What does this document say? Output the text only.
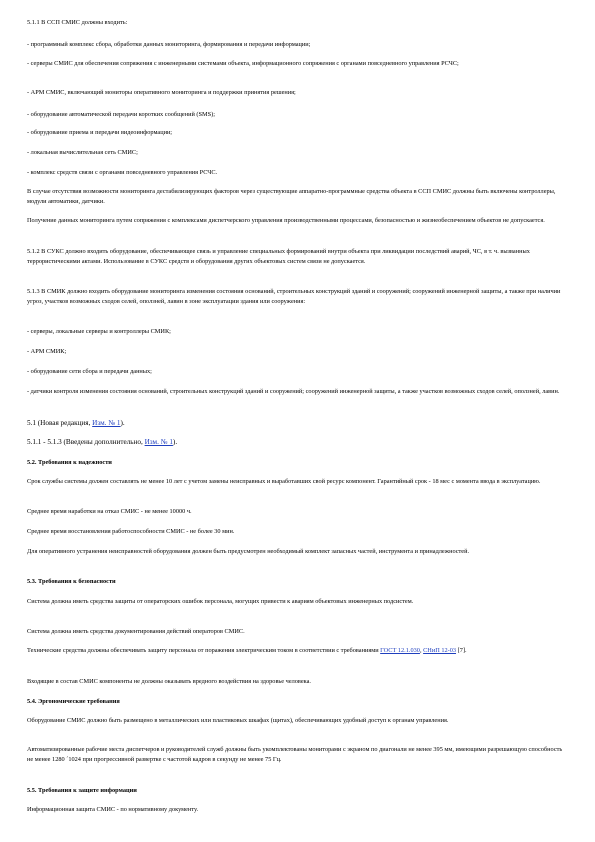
5.1.1 В ССП СМИС должны входить:

- программный комплекс сбора, обработки данных мониторинга, формирования и передачи информации;

- серверы СМИС для обеспечения сопряжения с инженерными системами объекта, информационного сопряжения с органами повседневного управления РСЧС;

- АРМ СМИС, включающий мониторы оперативного мониторинга и поддержки принятия решения;

- оборудование автоматической передачи коротких сообщений (SMS);

- оборудование приема и передачи видеоинформации;

- локальная вычислительная сеть СМИС;

- комплекс средств связи с органами повседневного управления РСЧС.

В случае отсутствия возможности мониторинга дестабилизирующих факторов через существующие аппаратно-программные средства объекта в ССП СМИС должны быть включены контроллеры, модули автоматики, датчики.

Получение данных мониторинга путем сопряжения с комплексами диспетчерского управления производственными процессами, безопасностью и жизнеобеспечением объектов не допускается.

5.1.2 В СУКС должно входить оборудование, обеспечивающее связь и управление специальных формирований внутри объекта при ликвидации последствий аварий, ЧС, в т. ч. вызванных террористическими актами. Использование в СУКС средств и оборудования других объектовых систем связи не допускается.

5.1.3 В СМИК должно входить оборудование мониторинга изменения состояния оснований, строительных конструкций зданий и сооружений; сооружений инженерной защиты, а также при наличии угроз, участков возможных сходов селей, оползней, лавин в зоне эксплуатации здания или сооружения:

- серверы, локальные серверы и контроллеры СМИК;

- АРМ СМИК;

- оборудование сети сбора и передачи данных;

- датчики контроля изменения состояния оснований, строительных конструкций зданий и сооружений; сооружений инженерной защиты, а также участков возможных сходов селей, оползней, лавин.

5.1 (Новая редакция, Изм. № 1).

5.1.1 - 5.1.3 (Введены дополнительно, Изм. № 1).

5.2. Требования к надежности

Срок службы системы должен составлять не менее 10 лет с учетом замены неисправных и выработавших свой ресурс компонент. Гарантийный срок - 18 мес с момента ввода в эксплуатацию.

Среднее время наработки на отказ СМИС - не менее 10000 ч.

Среднее время восстановления работоспособности СМИС - не более 30 мин.

Для оперативного устранения неисправностей оборудования должен быть предусмотрен необходимый комплект запасных частей, инструмента и принадлежностей.

5.3. Требования к безопасности

Система должна иметь средства защиты от операторских ошибок персонала, могущих привести к авариям объектовых инженерных подсистем.

Система должна иметь средства документирования действий операторов СМИС.

Технические средства должны обеспечивать защиту персонала от поражения электрическим током в соответствии с требованиями ГОСТ 12.1.030, СНиП 12-03 [7].

Входящие в состав СМИС компоненты не должны оказывать вредного воздействия на здоровье человека.

5.4. Эргономические требования

Оборудование СМИС должно быть размещено в металлических или пластиковых шкафах (щитах), обеспечивающих удобный доступ к органам управления.

Автоматизированные рабочие места диспетчеров и руководителей служб должны быть укомплектованы мониторами с экраном по диагонали не менее 395 мм, имеющими разрешающую способность не менее 1280 ´1024 при прогрессивной развертке с частотой кадров в секунду не менее 75 Гц.

5.5. Требования к защите информации

Информационная защита СМИС - по нормативному документу.
